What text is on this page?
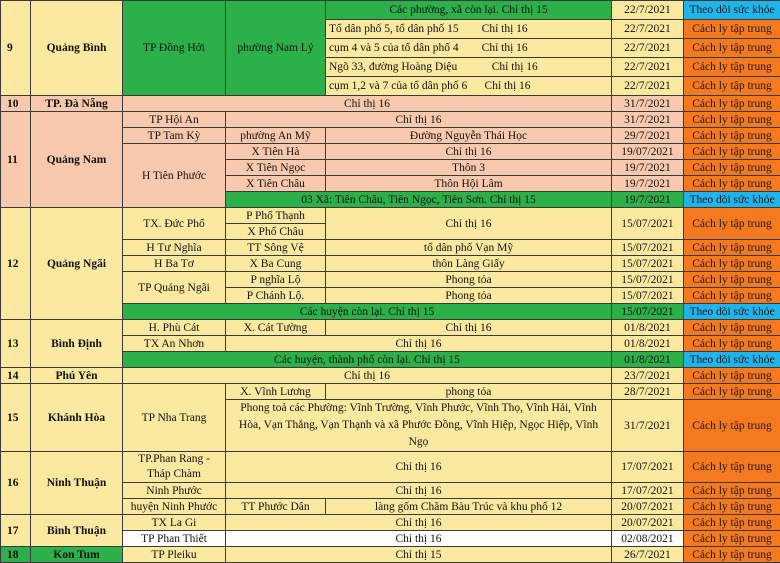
9	Quảng Bình	TP Đồng Hới	phường Nam Lý	Các phường, xã còn lại. Chỉ thị 15	22/7/2021	Theo dõi sức khỏe
				Tổ dân phố 5, tổ dân phố 15        Chỉ thị 16	22/7/2021	Cách ly tập trung
				cụm 4 và 5 của tổ dân phố 4        Chỉ thị 16	22/7/2021	Cách ly tập trung
				Ngõ 33, đường Hoàng Diệu            Chỉ thị 16	22/7/2021	Cách ly tập trung
				cụm 1,2 và 7 của tổ dân phố 6      Chỉ thị 16	22/7/2021	Cách ly tập trung
10	TP. Đà Nẵng	Chỉ thị 16			31/7/2021	Cách ly tập trung
11	Quảng Nam	TP Hội An	Chỉ thị 16		31/7/2021	Cách ly tập trung
		TP Tam Kỳ	phường An Mỹ	Đường Nguyễn Thái Học	29/7/2021	Cách ly tập trung
		H Tiên Phước	X Tiên Hà	Chỉ thị 16	19/07/2021	Cách ly tập trung
			X Tiên Ngọc	Thôn 3	19/7/2021	Cách ly tập trung
			X Tiên Châu	Thôn Hội Lâm	19/7/2021	Cách ly tập trung
			03 Xã: Tiên Châu, Tiên Ngọc, Tiên Sơn. Chỉ thị 15		19/7/2021	Theo dõi sức khỏe
12	Quảng Ngãi	TX. Đức Phổ	P Phổ Thạnh	Chỉ thị 16	15/07/2021	Cách ly tập trung
			X Phổ Châu			
		H Tư Nghĩa	TT Sông Vệ	tổ dân phố Vạn Mỹ	15/07/2021	Cách ly tập trung
		H Ba Tơ	X Ba Cung	thôn Làng Giấy	15/07/2021	Cách ly tập trung
		TP Quảng Ngãi	P nghĩa Lộ	Phong tỏa	15/07/2021	Cách ly tập trung
			P Chánh Lộ.	Phong tỏa	15/07/2021	Cách ly tập trung
		Các huyện còn lại. Chỉ thị 15			15/07/2021	Theo dõi sức khỏe
13	Bình Định	H. Phù Cát	X. Cát Tường	Chỉ thị 16	01/8/2021	Cách ly tập trung
		TX An Nhơn	Chỉ thị 16		01/8/2021	Cách ly tập trung
		Các huyện, thành phố còn lại. Chỉ thị 15			01/8/2021	Theo dõi sức khỏe
14	Phú Yên	Chỉ thị 16			23/7/2021	Cách ly tập trung
15	Khánh Hòa	TP Nha Trang	X. Vĩnh Lương	phong tỏa	28/7/2021	Cách ly tập trung
			Phong toả các Phường: Vĩnh Trường, Vĩnh Phước, Vĩnh Thọ, Vĩnh Hải, Vĩnh Hòa, Vạn Thắng, Vạn Thạnh và xã Phước Đồng, Vĩnh Hiệp, Ngọc Hiệp, Vĩnh Ngọ		31/7/2021	Cách ly tập trung
16	Ninh Thuận	TP.Phan Rang - Tháp Chàm	Chỉ thị 16		17/07/2021	Cách ly tập trung
		Ninh Phước	Chỉ thị 16		17/07/2021	Cách ly tập trung
		huyện Ninh Phước	TT Phước Dân	làng gốm Chăm Bàu Trúc và khu phố 12	20/07/2021	Cách ly tập trung
17	Bình Thuận	TX La Gi	Chỉ thị 16		20/07/2021	Cách ly tập trung
		TP Phan Thiết	Chỉ thị 16		02/08/2021	Cách ly tập trung
18	Kon Tum	TP Pleiku	Chỉ thị 15		26/7/2021	Cách ly tập trung
